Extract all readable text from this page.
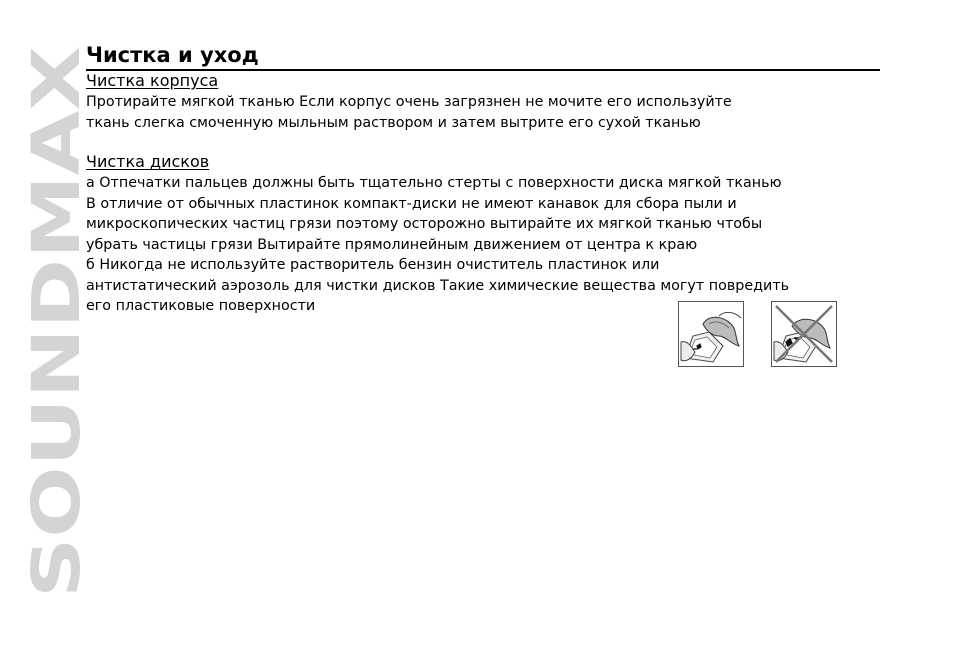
SOUNDMAX
Чистка и уход
Чистка корпуса
Протирайте мягкой тканью Если корпус очень загрязнен не мочите его используйте
ткань слегка смоченную мыльным раствором и затем вытрите его сухой тканью
Чистка дисков
а Отпечатки пальцев должны быть тщательно стерты с поверхности диска мягкой тканью
В отличие от обычных пластинок компакт-диски не имеют канавок для сбора пыли и
микроскопических частиц грязи поэтому осторожно вытирайте их мягкой тканью чтобы
убрать частицы грязи Вытирайте прямолинейным движением от центра к краю
б Никогда не используйте растворитель бензин очиститель пластинок или
антистатический аэрозоль для чистки дисков Такие химические вещества могут повредить
его пластиковые поверхности
